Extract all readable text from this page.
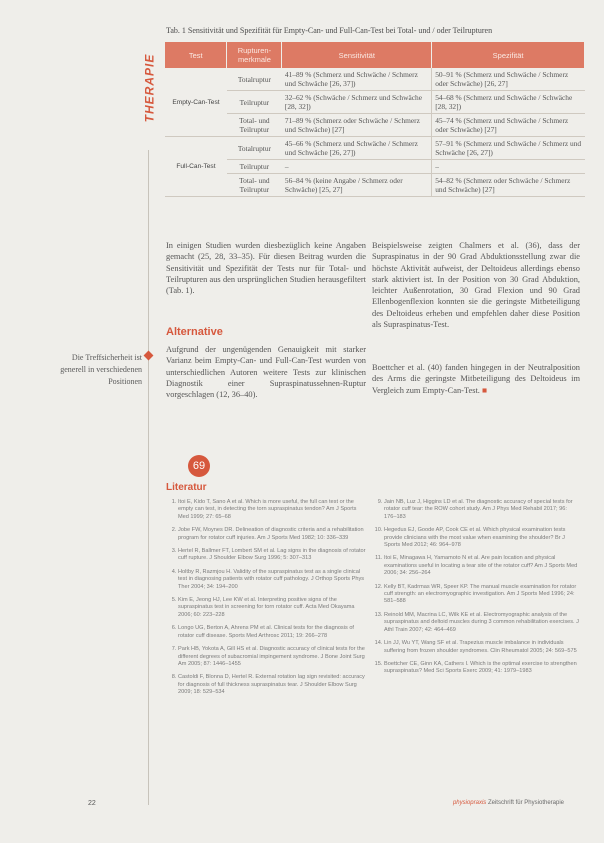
THERAPIE
Die Treffsicherheit ist generell in verschiedenen Positionen
Tab. 1 Sensitivität und Spezifität für Empty-Can- und Full-Can-Test bei Total- und / oder Teilrupturen
Test	Rupturen-merkmale	Sensitivität	Spezifität
Empty-Can-Test	Totalruptur	41–89 % (Schmerz und Schwäche / Schmerz und Schwäche [26, 37])	50–91 % (Schmerz und Schwäche / Schmerz oder Schwäche) [26, 27]
	Teilruptur	32–62 % (Schwäche / Schmerz und Schwäche [28, 32])	54–68 % (Schmerz und Schwäche / Schwäche [28, 32])
	Total- und Teilruptur	71–89 % (Schmerz oder Schwäche / Schmerz und Schwäche) [27]	45–74 % (Schmerz und Schwäche / Schmerz oder Schwäche) [27]
Full-Can-Test	Totalruptur	45–66 % (Schmerz und Schwäche / Schmerz und Schwäche [26, 27])	57–91 % (Schmerz und Schwäche / Schmerz und Schwäche [26, 27])
	Teilruptur	–	–
	Total- und Teilruptur	56–84 % (keine Angabe / Schmerz oder Schwäche) [25, 27]	54–82 % (Schmerz oder Schwäche / Schmerz und Schwäche) [27]
In einigen Studien wurden diesbezüglich keine Angaben gemacht (25, 28, 33–35). Für diesen Beitrag wurden die Sensitivität und Spezifität der Tests nur für Total- und Teilrupturen aus den ursprünglichen Studien herausgefiltert (Tab. 1).
Alternative
Aufgrund der ungenügenden Genauigkeit mit starker Varianz beim Empty-Can- und Full-Can-Test wurden von unterschiedlichen Autoren weitere Tests zur klinischen Diagnostik einer Supraspinatussehnen-Ruptur vorgeschlagen (12, 36–40).
Beispielsweise zeigten Chalmers et al. (36), dass der Supraspinatus in der 90 Grad Abduktionsstellung zwar die höchste Aktivität aufweist, der Deltoideus allerdings ebenso stark aktiviert ist. In der Position von 30 Grad Abduktion, leichter Außenrotation, 30 Grad Flexion und 90 Grad Ellenbogenflexion konnten sie die geringste Mitbeteiligung des Deltoideus erheben und empfehlen daher diese Position als Supraspinatus-Test.
Boettcher et al. (40) fanden hingegen in der Neutralposition des Arms die geringste Mitbeteiligung des Deltoideus im Vergleich zum Empty-Can-Test. ■
69
Literatur
1. Itoi E, Kido T, Sano A et al. Which is more useful, the full can test or the empty can test, in detecting the torn supraspinatus tendon? Am J Sports Med 1999; 27: 65–68
2. Jobe FW, Moynes DR. Delineation of diagnostic criteria and a rehabilitation program for rotator cuff injuries. Am J Sports Med 1982; 10: 336–339
3. Hertel R, Ballmer FT, Lombert SM et al. Lag signs in the diagnosis of rotator cuff rupture. J Shoulder Elbow Surg 1996; 5: 307–313
4. Holtby R, Razmjou H. Validity of the supraspinatus test as a single clinical test in diagnosing patients with rotator cuff pathology. J Orthop Sports Phys Ther 2004; 34: 194–200
5. Kim E, Jeong HJ, Lee KW et al. Interpreting positive signs of the supraspinatus test in screening for torn rotator cuff. Acta Med Okayama 2006; 60: 223–228
6. Longo UG, Berton A, Ahrens PM et al. Clinical tests for the diagnosis of rotator cuff disease. Sports Med Arthrosc 2011; 19: 266–278
7. Park HB, Yokota A, Gill HS et al. Diagnostic accuracy of clinical tests for the different degrees of subacromial impingement syndrome. J Bone Joint Surg Am 2005; 87: 1446–1455
8. Castoldi F, Blonna D, Hertel R. External rotation lag sign revisited: accuracy for diagnosis of full thickness supraspinatus tear. J Shoulder Elbow Surg 2009; 18: 529–534
9. Jain NB, Luz J, Higgins LD et al. The diagnostic accuracy of special tests for rotator cuff tear: the ROW cohort study. Am J Phys Med Rehabil 2017; 96: 176–183
10. Hegedus EJ, Goode AP, Cook CE et al. Which physical examination tests provide clinicians with the most value when examining the shoulder? Br J Sports Med 2012; 46: 964–978
11. Itoi E, Minagawa H, Yamamoto N et al. Are pain location and physical examinations useful in locating a tear site of the rotator cuff? Am J Sports Med 2006; 34: 256–264
12. Kelly BT, Kadrmas WR, Speer KP. The manual muscle examination for rotator cuff strength: an electromyographic investigation. Am J Sports Med 1996; 24: 581–588
13. Reinold MM, Macrina LC, Wilk KE et al. Electromyographic analysis of the supraspinatus and deltoid muscles during 3 common rehabilitation exercises. J Athl Train 2007; 42: 464–469
14. Lin JJ, Wu YT, Wang SF et al. Trapezius muscle imbalance in individuals suffering from frozen shoulder syndromes. Clin Rheumatol 2005; 24: 569–575
15. Boettcher CE, Ginn KA, Cathers I. Which is the optimal exercise to strengthen supraspinatus? Med Sci Sports Exerc 2009; 41: 1979–1983
22	physiopraxis Zeitschrift für Physiotherapie
